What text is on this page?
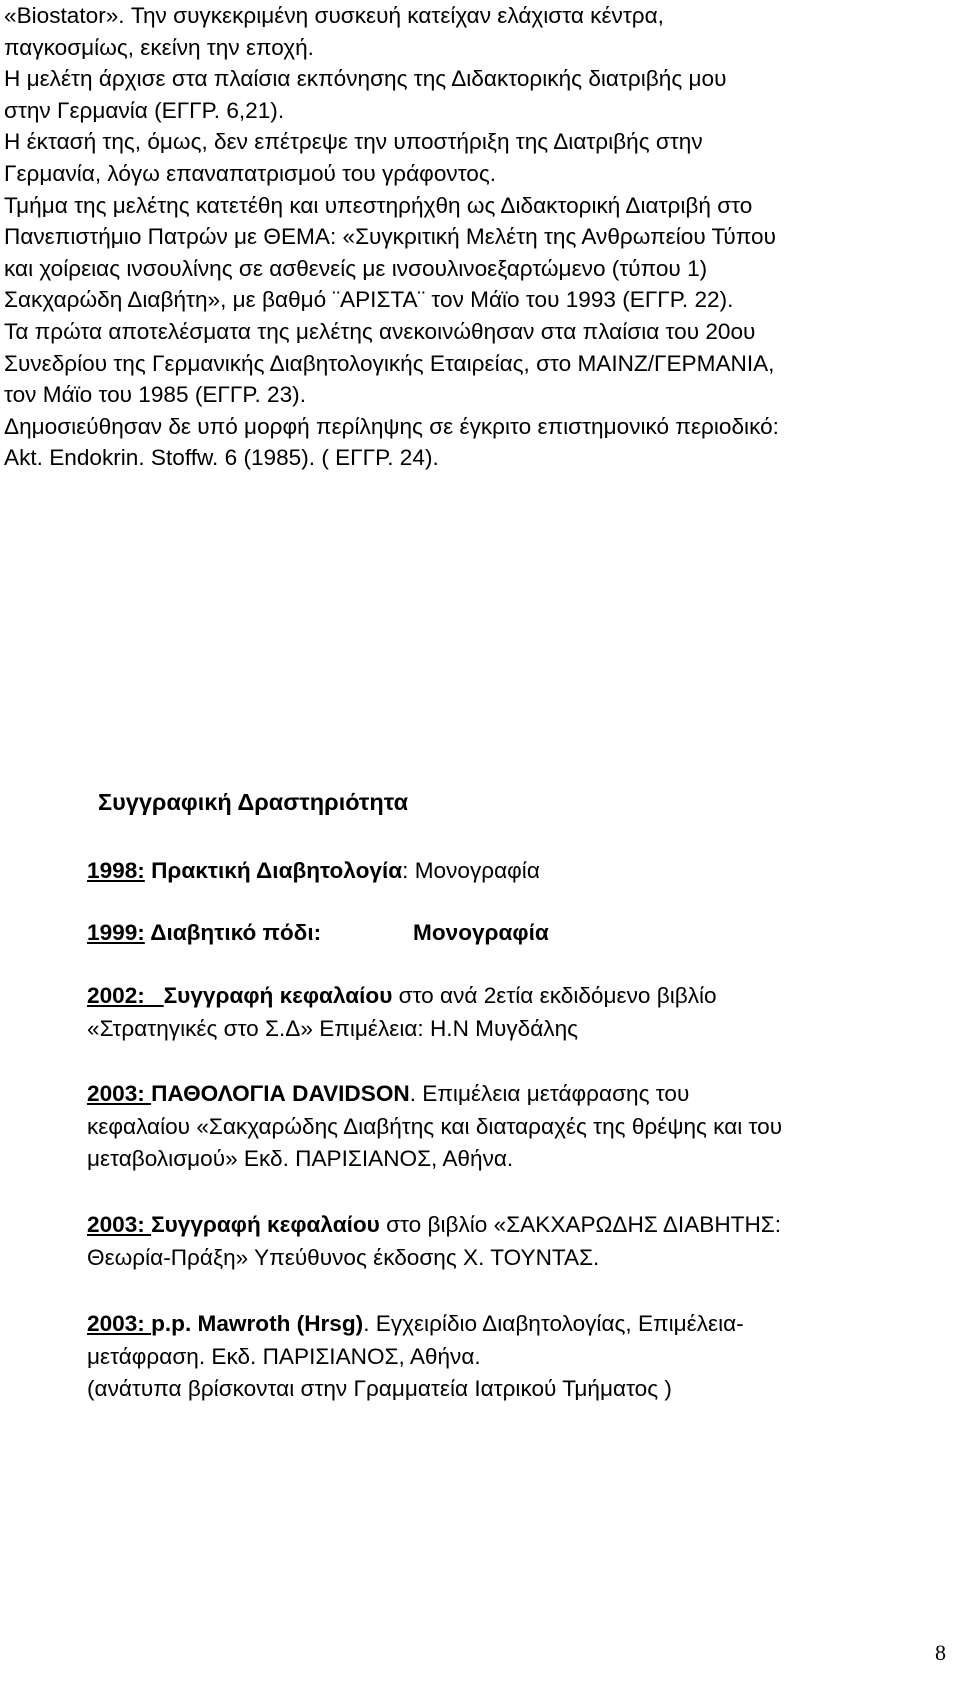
«Biostator». Την συγκεκριμένη συσκευή κατείχαν ελάχιστα κέντρα,

παγκοσμίως, εκείνη την εποχή.

Η μελέτη άρχισε στα πλαίσια εκπόνησης της Διδακτορικής διατριβής μου

στην Γερμανία (ΕΓΓΡ. 6,21).

Η έκτασή της, όμως, δεν επέτρεψε την υποστήριξη της Διατριβής στην

Γερμανία, λόγω επαναπατρισμού του γράφοντος.

Τμήμα της μελέτης κατετέθη και υπεστηρήχθη ως Διδακτορική Διατριβή στο

Πανεπιστήμιο Πατρών με ΘΕΜΑ: «Συγκριτική Μελέτη της Ανθρωπείου Τύπου

και χοίρειας ινσουλίνης σε ασθενείς με ινσουλινοεξαρτώμενο (τύπου 1)

Σακχαρώδη Διαβήτη», με βαθμό ¨ΑΡΙΣΤΑ¨ τον Μάϊο του 1993 (ΕΓΓΡ. 22).

Τα πρώτα αποτελέσματα της μελέτης ανεκοινώθησαν στα πλαίσια του 20ου

Συνεδρίου της Γερμανικής Διαβητολογικής Εταιρείας, στο ΜΑΙΝΖ/ΓΕΡΜΑΝΙΑ,

τον Μάϊο του 1985 (ΕΓΓΡ. 23).

Δημοσιεύθησαν δε υπό μορφή περίληψης σε έγκριτο επιστημονικό περιοδικό:

Akt. Endokrin. Stoffw. 6 (1985). ( ΕΓΓΡ. 24).

Συγγραφική Δραστηριότητα
1998: Πρακτική Διαβητολογία: Μονογραφία
1999: Διαβητικό πόδι:	Μονογραφία
2002:   Συγγραφή κεφαλαίου στο ανά 2ετία εκδιδόμενο βιβλίο
«Στρατηγικές στο Σ.Δ» Επιμέλεια: Η.Ν Μυγδάλης
2003: ΠΑΘΟΛΟΓΙΑ DAVIDSON. Επιμέλεια μετάφρασης του
κεφαλαίου «Σακχαρώδης Διαβήτης και διαταραχές της θρέψης και του
μεταβολισμού» Εκδ. ΠΑΡΙΣΙΑΝΟΣ, Αθήνα.
2003: Συγγραφή κεφαλαίου στο βιβλίο «ΣΑΚΧΑΡΩΔΗΣ ΔΙΑΒΗΤΗΣ:
Θεωρία-Πράξη» Υπεύθυνος έκδοσης Χ. ΤΟΥΝΤΑΣ.
2003: p.p. Mawroth (Hrsg). Εγχειρίδιο Διαβητολογίας, Επιμέλεια-
μετάφραση. Εκδ. ΠΑΡΙΣΙΑΝΟΣ, Αθήνα.
(ανάτυπα βρίσκονται στην Γραμματεία Ιατρικού Τμήματος )
8
